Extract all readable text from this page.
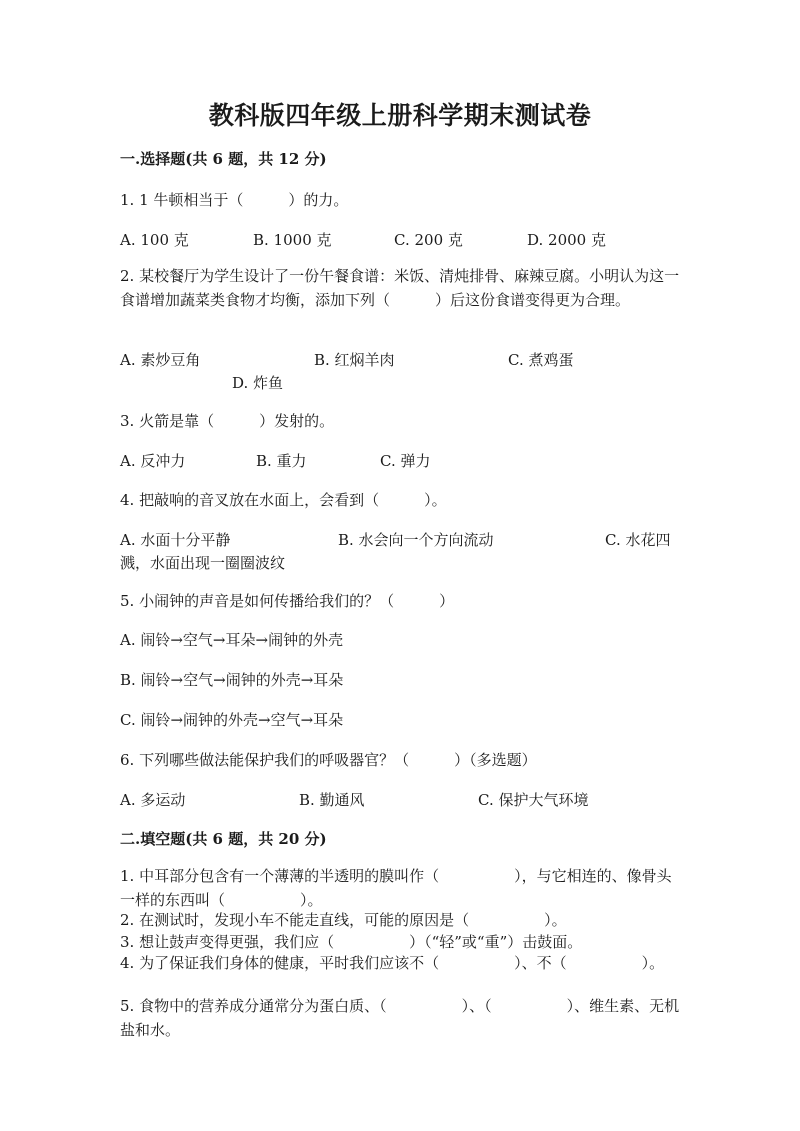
教科版四年级上册科学期末测试卷
一.选择题(共 6 题，共 12 分)
1. 1 牛顿相当于（　　　）的力。
A. 100 克	B. 1000 克	C. 200 克	D. 2000 克
2. 某校餐厅为学生设计了一份午餐食谱：米饭、清炖排骨、麻辣豆腐。小明认为这一食谱增加蔬菜类食物才均衡，添加下列（　　　）后这份食谱变得更为合理。
A. 素炒豆角	B. 红焖羊肉	C. 煮鸡蛋
D. 炸鱼
3. 火箭是靠（　　　）发射的。
A. 反冲力	B. 重力	C. 弹力
4. 把敲响的音叉放在水面上，会看到（　　　）。
A. 水面十分平静	B. 水会向一个方向流动	C. 水花四
溅，水面出现一圈圈波纹
5. 小闹钟的声音是如何传播给我们的？（　　　）
A. 闹铃→空气→耳朵→闹钟的外壳
B. 闹铃→空气→闹钟的外壳→耳朵
C. 闹铃→闹钟的外壳→空气→耳朵
6. 下列哪些做法能保护我们的呼吸器官？（　　　）（多选题）
A. 多运动	B. 勤通风	C. 保护大气环境
二.填空题(共 6 题，共 20 分)
1. 中耳部分包含有一个薄薄的半透明的膜叫作（　　　　　），与它相连的、像骨头一样的东西叫（　　　　　）。
2. 在测试时，发现小车不能走直线，可能的原因是（　　　　　）。
3. 想让鼓声变得更强，我们应（　　　　　）（“轻”或“重”）击鼓面。
4. 为了保证我们身体的健康，平时我们应该不（　　　　　）、不（　　　　　）。
5. 食物中的营养成分通常分为蛋白质、（　　　　　）、（　　　　　）、维生素、无机盐和水。
